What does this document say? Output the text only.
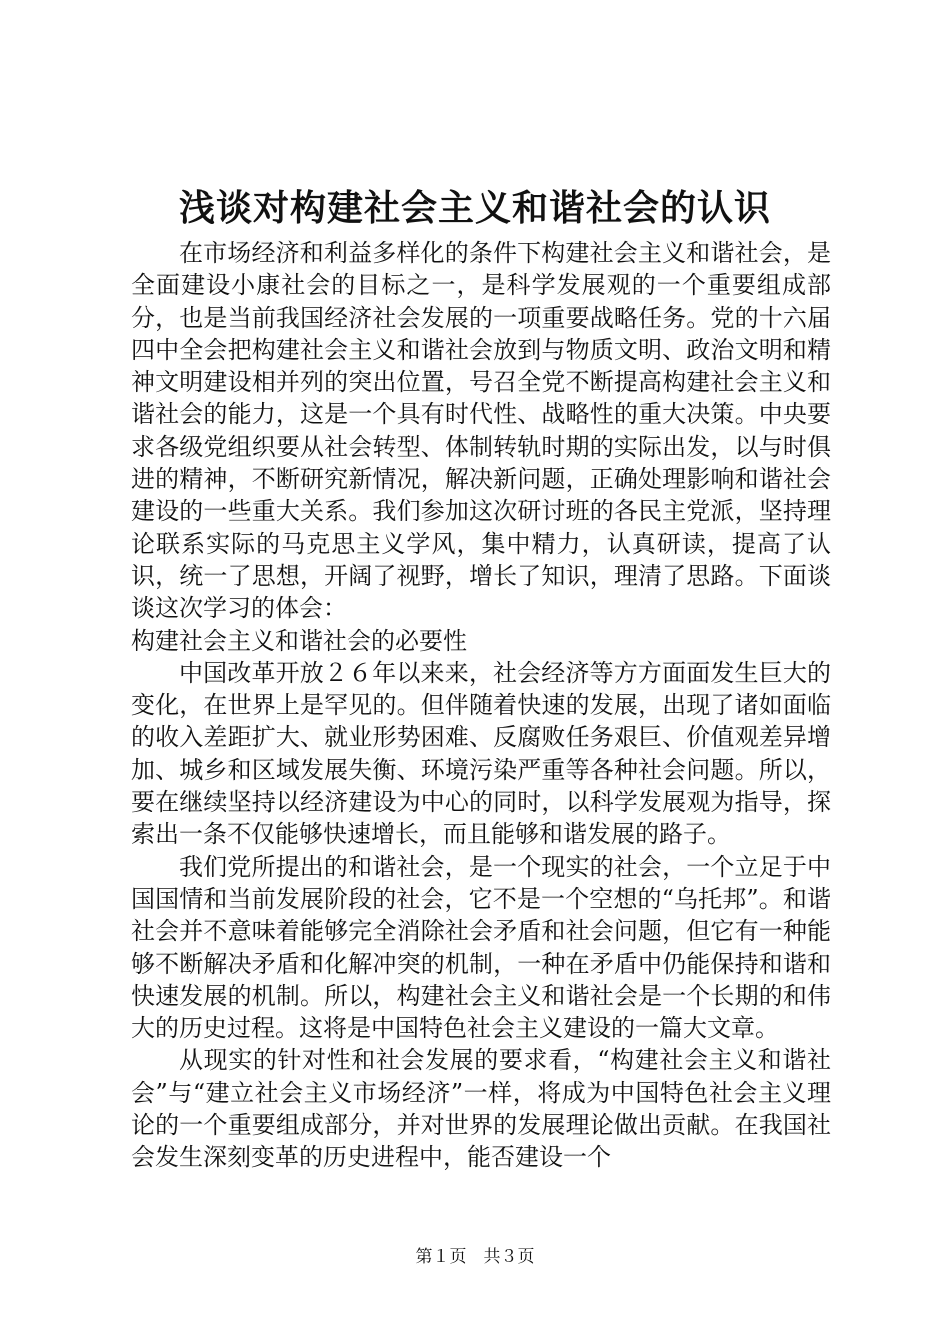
浅谈对构建社会主义和谐社会的认识

在市场经济和利益多样化的条件下构建社会主义和谐社会，是全面建设小康社会的目标之一，是科学发展观的一个重要组成部分，也是当前我国经济社会发展的一项重要战略任务。党的十六届四中全会把构建社会主义和谐社会放到与物质文明、政治文明和精神文明建设相并列的突出位置，号召全党不断提高构建社会主义和谐社会的能力，这是一个具有时代性、战略性的重大决策。中央要求各级党组织要从社会转型、体制转轨时期的实际出发，以与时俱进的精神，不断研究新情况，解决新问题，正确处理影响和谐社会建设的一些重大关系。我们参加这次研讨班的各民主党派，坚持理论联系实际的马克思主义学风，集中精力，认真研读，提高了认识，统一了思想，开阔了视野，增长了知识，理清了思路。下面谈谈这次学习的体会：

构建社会主义和谐社会的必要性

中国改革开放２６年以来来，社会经济等方方面面发生巨大的变化，在世界上是罕见的。但伴随着快速的发展，出现了诸如面临的收入差距扩大、就业形势困难、反腐败任务艰巨、价值观差异增加、城乡和区域发展失衡、环境污染严重等各种社会问题。所以，要在继续坚持以经济建设为中心的同时，以科学发展观为指导，探索出一条不仅能够快速增长，而且能够和谐发展的路子。

我们党所提出的和谐社会，是一个现实的社会，一个立足于中国国情和当前发展阶段的社会，它不是一个空想的“乌托邦”。和谐社会并不意味着能够完全消除社会矛盾和社会问题，但它有一种能够不断解决矛盾和化解冲突的机制，一种在矛盾中仍能保持和谐和快速发展的机制。所以，构建社会主义和谐社会是一个长期的和伟大的历史过程。这将是中国特色社会主义建设的一篇大文章。

从现实的针对性和社会发展的要求看，“构建社会主义和谐社会”与“建立社会主义市场经济”一样，将成为中国特色社会主义理论的一个重要组成部分，并对世界的发展理论做出贡献。在我国社会发生深刻变革的历史进程中，能否建设一个

第１页　共３页
